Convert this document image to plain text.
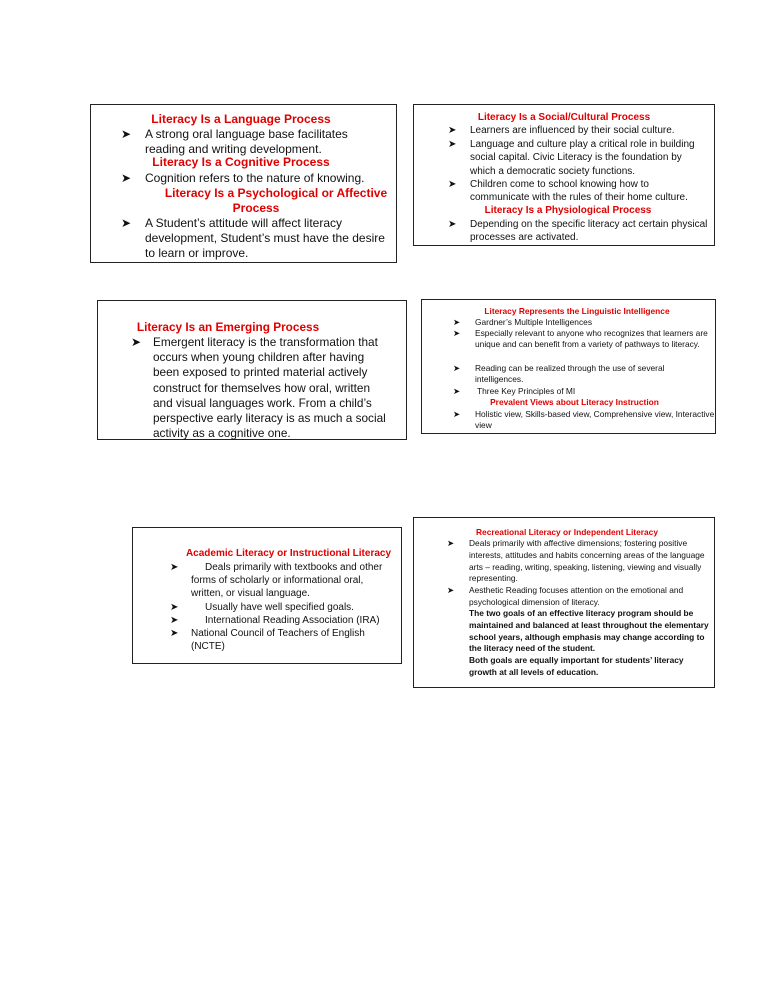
Literacy Is a Language Process
➤	A strong oral language base facilitates reading and writing development.
Literacy Is a Cognitive Process
➤	Cognition refers to the nature of knowing.
Literacy Is a Psychological or Affective
Process
➤	A Student’s attitude will affect literacy development, Student’s must have the desire to learn or improve.
Literacy Is a Social/Cultural Process
➤	Learners are influenced by their social culture.
➤	Language and culture play a critical role in building social capital. Civic Literacy is the foundation by which a democratic society functions.
➤	Children come to school knowing how to communicate with the rules of their home culture.
Literacy Is a Physiological Process
➤	Depending on the specific literacy act certain physical processes are activated.
Literacy Is an Emerging Process
➤	Emergent literacy is the transformation that occurs when young children after having been exposed to printed material actively construct for themselves how oral, written and visual languages work. From a child’s perspective early literacy is as much a social activity as a cognitive one.
Literacy Represents the Linguistic Intelligence
➤	Gardner’s Multiple Intelligences
➤	Especially relevant to anyone who recognizes that learners are unique and can benefit from a variety of pathways to literacy.
➤	Reading can be realized through the use of several intelligences.
➤	Three Key Principles of MI
Prevalent Views about Literacy Instruction
➤	Holistic view, Skills-based view, Comprehensive view, Interactive view
Academic Literacy or Instructional Literacy
➤	Deals primarily with textbooks and other forms of scholarly or informational oral, written, or visual language.
➤	Usually have well specified goals.
➤	International Reading Association (IRA)
➤	National Council of Teachers of English (NCTE)
Recreational Literacy or Independent Literacy
➤	Deals primarily with affective dimensions; fostering positive interests, attitudes and habits concerning areas of the language arts – reading, writing, speaking, listening, viewing and visually representing.
➤	Aesthetic Reading focuses attention on the emotional and psychological dimension of literacy.
The two goals of an effective literacy program should be maintained and balanced at least throughout the elementary school years, although emphasis may change according to the literacy need of the student.
Both goals are equally important for students’ literacy growth at all levels of education.
